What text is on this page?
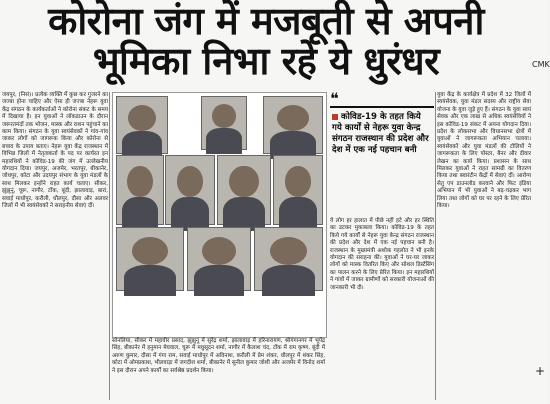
कोरोना जंग में मजबूती से अपनी
भूमिका निभा रहे ये धुरंधर	CMK

जयपुर, (निसं)। प्रत्येक व्यक्ति में कुछ कर गुजरने का जज्बा होना चाहिए और ऐसा ही जज्बा नेहरू युवा केंद्र संगठन के कार्यकर्ताओं ने कोरोना संकट के समय में दिखाया है। इन युवाओं ने लॉकडाउन के दौरान जरूरतमंदों तक भोजन, मास्क और राशन पहुंचाने का काम किया। संगठन के युवा स्वयंसेवकों ने गांव-गांव जाकर लोगों को जागरूक किया और कोरोना से बचाव के उपाय बताए। नेहरू युवा केंद्र राजस्थान में विभिन्न जिलों में नेतृत्वकर्ता के पद पर कार्यरत इन महारथियों ने कोविड-19 की जंग में उल्लेखनीय योगदान दिया। जयपुर, अजमेर, भरतपुर, बीकानेर, जोधपुर, कोटा और उदयपुर संभाग के युवा मंडलों के साथ मिलकर इन्होंने राहत कार्य चलाए। सीकर, झुंझुनूं, चूरू, नागौर, टोंक, बूंदी, झालावाड़, बारां, सवाई माधोपुर, करौली, धौलपुर, दौसा और अलवर जिलों में भी स्वयंसेवकों ने सराहनीय सेवाएं दीं।

सोनलिया, सीकर में महावीर प्रसाद, झुंझुनूं में सुरेंद्र शर्मा, झालावाड़ में हरिनारायण, श्रीगंगानगर में भूपेंद्र सिंह, बीकानेर में हनुमान मेघवाल, चूरू में मधुसूदन शर्मा, नागौर में कैलाश चंद, टोंक में राम कृष्ण, बूंदी में अरुण कुमार, दौसा में गंगा राम, सवाई माधोपुर में अविनाश, करौली में प्रेम शंकर, धौलपुर में शंकर सिंह, कोटा में ओमप्रकाश, भीलवाड़ा में जगदीश शर्मा, बीकानेर में सुनील कुमार जोशी और अजमेर में विनोद शर्मा ने इस दौरान अपने कार्यों का सर्वश्रेष्ठ प्रदर्शन किया।
❝
कोविड-19 के तहत किये गये कार्यों से नेहरू युवा केन्द्र संगठन राजस्थान की प्रदेश और देश में एक नई पहचान बनी

ये लोग हर हालात में पीछे नहीं हटे और हर स्थिति का डटकर मुकाबला किया। कोविड-19 के तहत किये गये कार्यों से नेहरू युवा केन्द्र संगठन राजस्थान की प्रदेश और देश में एक नई पहचान बनी है। राजस्थान के मुख्यमंत्री अशोक गहलोत ने भी इनके योगदान की सराहना की। युवाओं ने घर-घर जाकर लोगों को मास्क वितरित किए और सोशल डिस्टेंसिंग का पालन करने के लिए प्रेरित किया। इन महारथियों ने गांवों में जाकर ग्रामीणों को सरकारी योजनाओं की जानकारी भी दी।

युवा केंद्र के कार्यक्षेत्र में प्रदेश में 32 जिलों में स्वयंसेवक, युवा मंडल सदस्य और राष्ट्रीय सेवा योजना के युवा जुड़े हुए हैं। संगठन के युवा स्वयं सेवक और एक लाख से अधिक स्वयंसेवियों ने इस कोविड-19 संकट में अपना योगदान दिया। प्रदेश के लोकसभा और विधानसभा क्षेत्रों में युवाओं ने जागरूकता अभियान चलाया। स्वयंसेवकों और युवा मंडलों की टोलियों ने जागरूकता के लिए पोस्टर, बैनर और दीवार लेखन का कार्य किया। प्रशासन के साथ मिलकर युवाओं ने राहत सामग्री का वितरण किया तथा क्वारंटीन केंद्रों में सेवाएं दीं। आरोग्य सेतु एप डाउनलोड करवाने और फिट इंडिया अभियान में भी युवाओं ने बढ़-चढ़कर भाग लिया तथा लोगों को घर पर रहने के लिए प्रेरित किया।

+
